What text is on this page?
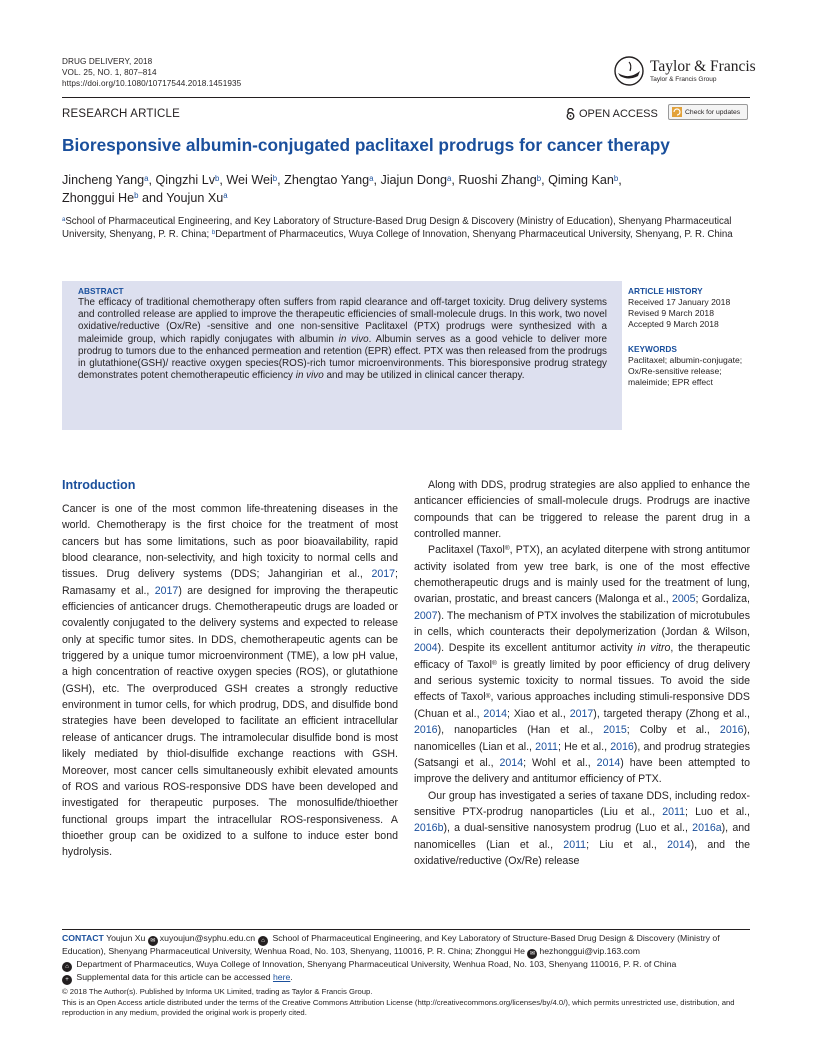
DRUG DELIVERY, 2018
VOL. 25, NO. 1, 807–814
https://doi.org/10.1080/10717544.2018.1451935
Taylor & Francis
Taylor & Francis Group
RESEARCH ARTICLE	OPEN ACCESS	Check for updates
Bioresponsive albumin-conjugated paclitaxel prodrugs for cancer therapy
Jincheng Yang$^a$, Qingzhi Lv$^b$, Wei Wei$^b$, Zhengtao Yang$^a$, Jiajun Dong$^a$, Ruoshi Zhang$^b$, Qiming Kan$^b$,
Zhonggui He$^b$ and Youjun Xu$^a$
$^a$School of Pharmaceutical Engineering, and Key Laboratory of Structure-Based Drug Design & Discovery (Ministry of Education), Shenyang Pharmaceutical University, Shenyang, P. R. China; $^b$Department of Pharmaceutics, Wuya College of Innovation, Shenyang Pharmaceutical University, Shenyang, P. R. China
ABSTRACT
The efficacy of traditional chemotherapy often suffers from rapid clearance and off-target toxicity. Drug delivery systems and controlled release are applied to improve the therapeutic efficiencies of small-molecule drugs. In this work, two novel oxidative/reductive (Ox/Re) -sensitive and one non-sensitive Paclitaxel (PTX) prodrugs were synthesized with a maleimide group, which rapidly conjugates with albumin in vivo. Albumin serves as a good vehicle to deliver more prodrug to tumors due to the enhanced permeation and retention (EPR) effect. PTX was then released from the prodrugs in glutathione(GSH)/ reactive oxygen species(ROS)-rich tumor microenvironments. This bioresponsive prodrug strategy demonstrates potent chemotherapeutic efficiency in vivo and may be utilized in clinical cancer therapy.
ARTICLE HISTORY
Received 17 January 2018
Revised 9 March 2018
Accepted 9 March 2018
KEYWORDS
Paclitaxel; albumin-conjugate; Ox/Re-sensitive release; maleimide; EPR effect
Introduction

Cancer is one of the most common life-threatening diseases in the world. Chemotherapy is the first choice for the treatment of most cancers but has some limitations, such as poor bioavailability, rapid blood clearance, non-selectivity, and high toxicity to normal cells and tissues. Drug delivery systems (DDS; Jahangirian et al., 2017; Ramasamy et al., 2017) are designed for improving the therapeutic efficiencies of anticancer drugs. Chemotherapeutic drugs are loaded or covalently conjugated to the delivery systems and expected to release only at specific tumor sites. In DDS, chemotherapeutic agents can be triggered by a unique tumor microenvironment (TME), a low pH value, a high concentration of reactive oxygen species (ROS), or glutathione (GSH), etc. The overproduced GSH creates a strongly reductive environment in tumor cells, for which prodrug, DDS, and disulfide bond strategies have been developed to facilitate an efficient intracellular release of anticancer drugs. The intramolecular disulfide bond is most likely mediated by thiol-disulfide exchange reactions with GSH. Moreover, most cancer cells simultaneously exhibit elevated amounts of ROS and various ROS-responsive DDS have been developed and investigated for therapeutic purposes. The monosulfide/thioether functional groups impart the intracellular ROS-responsiveness. A thioether group can be oxidized to a sulfone to induce ester bond hydrolysis.

Along with DDS, prodrug strategies are also applied to enhance the anticancer efficiencies of small-molecule drugs. Prodrugs are inactive compounds that can be triggered to release the parent drug in a controlled manner.

Paclitaxel (Taxol®, PTX), an acylated diterpene with strong antitumor activity isolated from yew tree bark, is one of the most effective chemotherapeutic drugs and is mainly used for the treatment of lung, ovarian, prostatic, and breast cancers (Malonga et al., 2005; Gordaliza, 2007). The mechanism of PTX involves the stabilization of microtubules in cells, which counteracts their depolymerization (Jordan & Wilson, 2004). Despite its excellent antitumor activity in vitro, the therapeutic efficacy of Taxol® is greatly limited by poor efficiency of drug delivery and serious systemic toxicity to normal tissues. To avoid the side effects of Taxol®, various approaches including stimuli-responsive DDS (Chuan et al., 2014; Xiao et al., 2017), targeted therapy (Zhong et al., 2016), nanoparticles (Han et al., 2015; Colby et al., 2016), nanomicelles (Lian et al., 2011; He et al., 2016), and prodrug strategies (Satsangi et al., 2014; Wohl et al., 2014) have been attempted to improve the delivery and antitumor efficiency of PTX.

Our group has investigated a series of taxane DDS, including redox-sensitive PTX-prodrug nanoparticles (Liu et al., 2011; Luo et al., 2016b), a dual-sensitive nanosystem prodrug (Luo et al., 2016a), and nanomicelles (Lian et al., 2011; Liu et al., 2014), and the oxidative/reductive (Ox/Re) release

CONTACT Youjun Xu ✉ xuyoujun@syphu.edu.cn ⌂ School of Pharmaceutical Engineering, and Key Laboratory of Structure-Based Drug Design & Discovery (Ministry of Education), Shenyang Pharmaceutical University, Wenhua Road, No. 103, Shenyang, 110016, P. R. China; Zhonggui He ✉ hezhonggui@vip.163.com
⌂ Department of Pharmaceutics, Wuya College of Innovation, Shenyang Pharmaceutical University, Wenhua Road, No. 103, Shenyang 110016, P. R. of China
+ Supplemental data for this article can be accessed here.
© 2018 The Author(s). Published by Informa UK Limited, trading as Taylor & Francis Group.
This is an Open Access article distributed under the terms of the Creative Commons Attribution License (http://creativecommons.org/licenses/by/4.0/), which permits unrestricted use, distribution, and reproduction in any medium, provided the original work is properly cited.
